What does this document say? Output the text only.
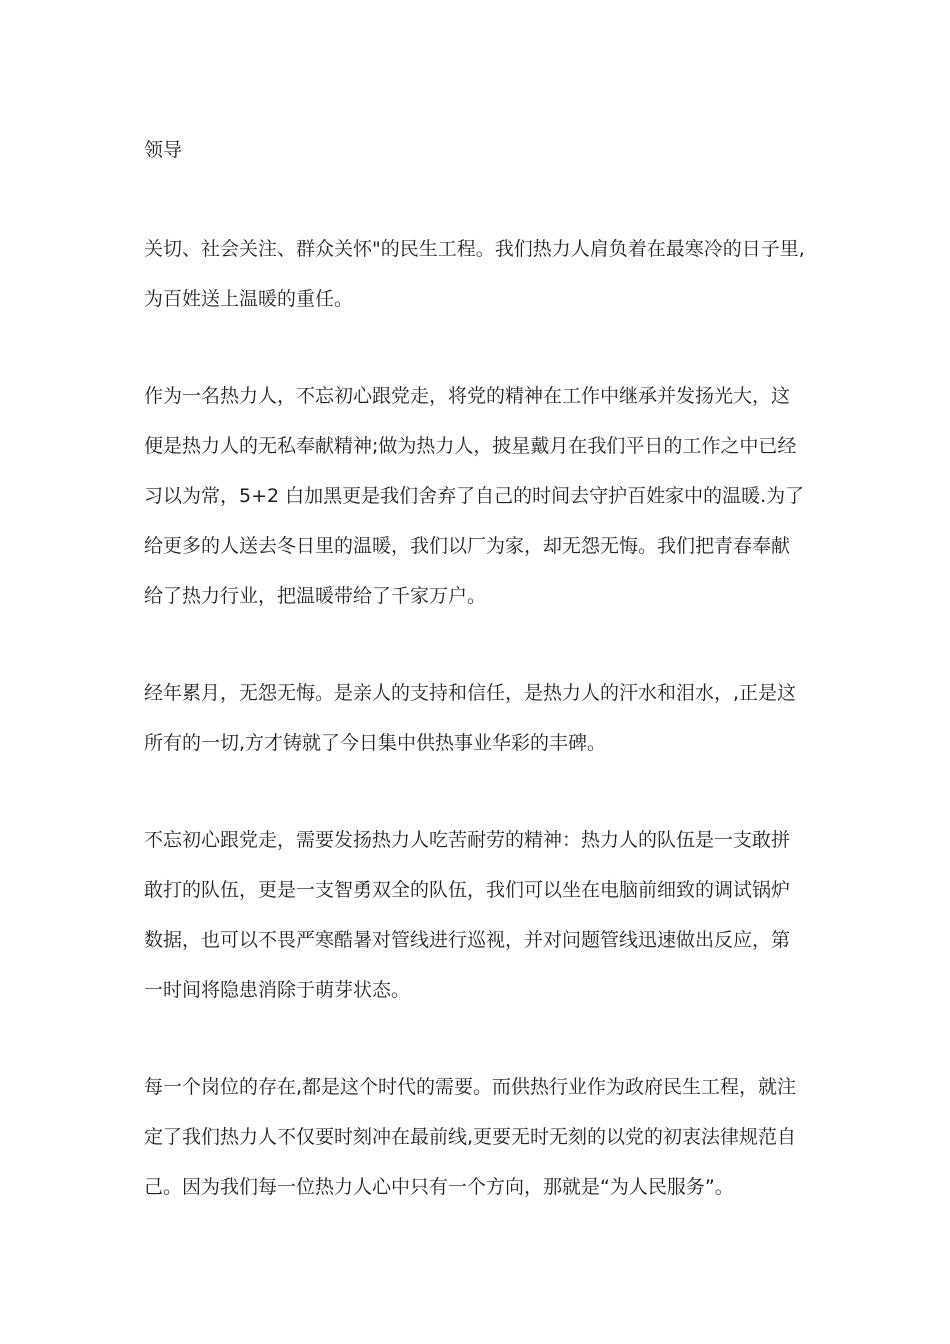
领导
关切、社会关注、群众关怀"的民生工程。我们热力人肩负着在最寒冷的日子里,
为百姓送上温暖的重任。
作为一名热力人，不忘初心跟党走，将党的精神在工作中继承并发扬光大，这
便是热力人的无私奉献精神;做为热力人，披星戴月在我们平日的工作之中已经
习以为常，5+2 白加黑更是我们舍弃了自己的时间去守护百姓家中的温暖.为了
给更多的人送去冬日里的温暖，我们以厂为家，却无怨无悔。我们把青春奉献
给了热力行业，把温暖带给了千家万户。
经年累月，无怨无悔。是亲人的支持和信任，是热力人的汗水和泪水，,正是这
所有的一切,方才铸就了今日集中供热事业华彩的丰碑。
不忘初心跟党走，需要发扬热力人吃苦耐劳的精神：热力人的队伍是一支敢拼
敢打的队伍，更是一支智勇双全的队伍，我们可以坐在电脑前细致的调试锅炉
数据，也可以不畏严寒酷暑对管线进行巡视，并对问题管线迅速做出反应，第
一时间将隐患消除于萌芽状态。
每一个岗位的存在,都是这个时代的需要。而供热行业作为政府民生工程，就注
定了我们热力人不仅要时刻冲在最前线,更要无时无刻的以党的初衷法律规范自
己。因为我们每一位热力人心中只有一个方向，那就是“为人民服务”。
